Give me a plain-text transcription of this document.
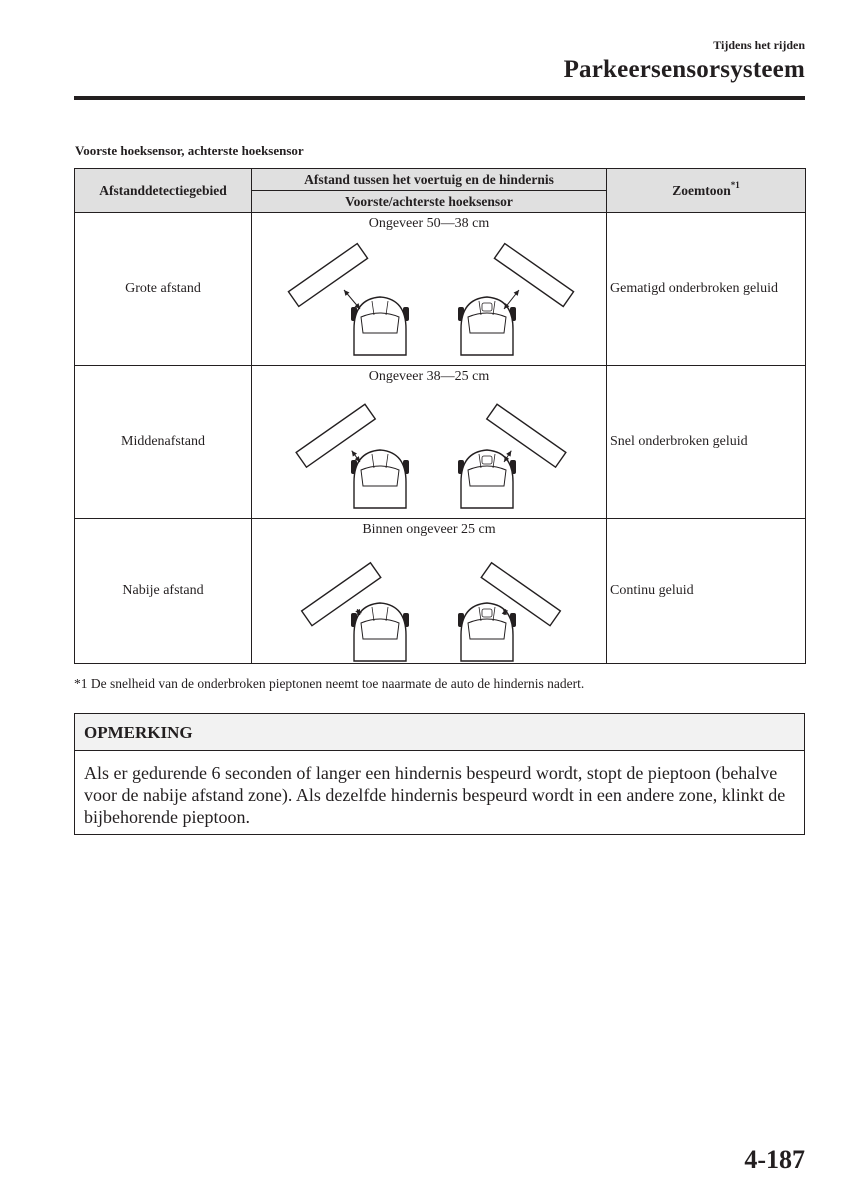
Tijdens het rijden
Parkeersensorsysteem
Voorste hoeksensor, achterste hoeksensor
Afstanddetectiegebied	Afstand tussen het voertuig en de hindernis	Zoemtoon$^{*1}$
	Voorste/achterste hoeksensor	
Grote afstand	Ongeveer 50—38 cm	Gematigd onderbroken geluid
Middenafstand	Ongeveer 38—25 cm	Snel onderbroken geluid
Nabije afstand	Binnen ongeveer 25 cm	Continu geluid
*1 De snelheid van de onderbroken pieptonen neemt toe naarmate de auto de hindernis nadert.
OPMERKING
Als er gedurende 6 seconden of langer een hindernis bespeurd wordt, stopt de pieptoon (behalve voor de nabije afstand zone). Als dezelfde hindernis bespeurd wordt in een andere zone, klinkt de bijbehorende pieptoon.
4-187
